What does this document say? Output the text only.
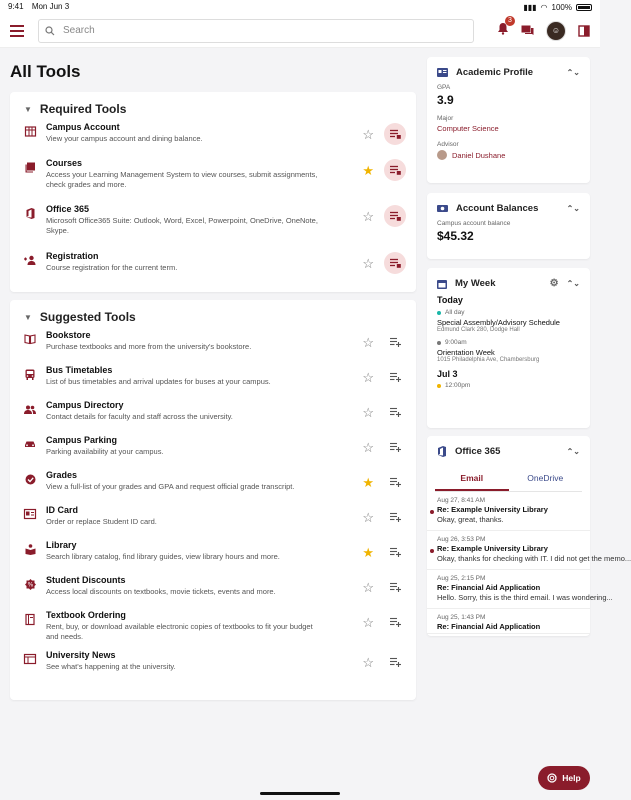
9:41 Mon Jun 3	▮▮▮ ◠ 100%
Search
3
☺
All Tools
▼ Required Tools
Campus Account
View your campus account and dining balance.	☆
Courses
Access your Learning Management System to view courses, submit assignments, check grades and more.
★
Office 365
Microsoft Office365 Suite: Outlook, Word, Excel, Powerpoint, OneDrive, OneNote, Skype.
☆
Registration
Course registration for the current term.	☆
▼ Suggested Tools
Bookstore
Purchase textbooks and more from the university's bookstore.	☆
Bus Timetables
List of bus timetables and arrival updates for buses at your campus.	☆
Campus Directory
Contact details for faculty and staff across the university.	☆
Campus Parking
Parking availability at your campus.	☆
Grades
View a full-list of your grades and GPA and request official grade transcript.	★
ID Card
Order or replace Student ID card.	☆
Library
Search library catalog, find library guides, view library hours and more.	★
% Student Discounts
Access local discounts on textbooks, movie tickets, events and more.	☆
Textbook Ordering
Rent, buy, or download available electronic copies of textbooks to fit your budget and needs.
☆
University News
See what's happening at the university.	☆
Academic Profile	⌃⌄
GPA
3.9
Major
Computer Science
Advisor
Daniel Dushane
Account Balances	⌃⌄
Campus account balance
$45.32
My Week	⚙ ⌃⌄
Today
All day
Special Assembly/Advisory Schedule
Edmund Clark 280, Dodge Hall
9:00am
Orientation Week
1015 Philadelphia Ave, Chambersburg
Jul 3
12:00pm
Office 365	⌃⌄
Email	OneDrive
Aug 27, 8:41 AM
Re: Example University Library
Okay, great, thanks.
Aug 26, 3:53 PM
Re: Example University Library
Okay, thanks for checking with IT. I did not get the memo...
Aug 25, 2:15 PM
Re: Financial Aid Application
Hello. Sorry, this is the third email. I was wondering...
Aug 25, 1:43 PM
Re: Financial Aid Application
Help
